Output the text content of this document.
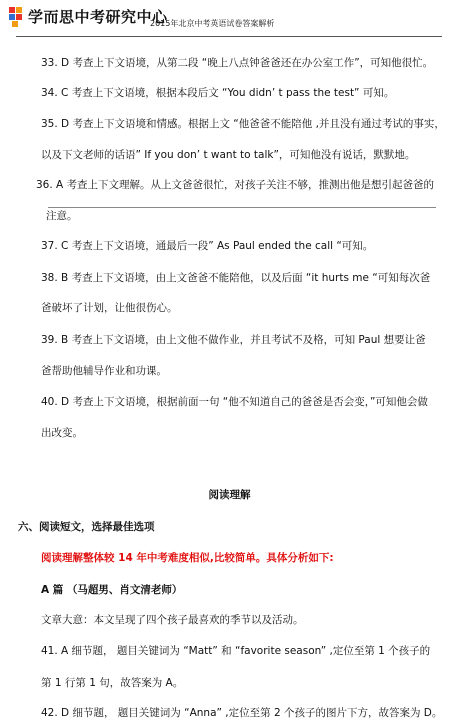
学而思中考研究中心
2015年北京中考英语试卷答案解析
33. D 考查上下文语境，从第二段 “晚上八点钟爸爸还在办公室工作”，可知他很忙。
34. C 考查上下文语境，根据本段后文 “You didn’ t pass the test” 可知。
35. D 考查上下文语境和情感。根据上文 “他爸爸不能陪他 ,并且没有通过考试的事实，
以及下文老师的话语” If you don’ t want to talk”，可知他没有说话，默默地。
36. A 考查上下文理解。从上文爸爸很忙，对孩子关注不够，推测出他是想引起爸爸的
注意。
37. C 考查上下文语境，通最后一段” As Paul ended the call “可知。
38. B 考查上下文语境，由上文爸爸不能陪他，以及后面 “it hurts me “可知每次爸
爸破坏了计划，让他很伤心。
39. B 考查上下文语境，由上文他不做作业，并且考试不及格，可知 Paul 想要让爸
爸帮助他辅导作业和功课。
40. D 考查上下文语境，根据前面一句 “他不知道自己的爸爸是否会变，”可知他会做
出改变。
阅读理解
六、阅读短文，选择最佳选项
阅读理解整体较 14 年中考难度相似,比较简单。具体分析如下:
A 篇 （马超男、肖文清老师）
文章大意：本文呈现了四个孩子最喜欢的季节以及活动。
41. A 细节题， 题目关键词为 “Matt” 和 “favorite season” ,定位至第 1 个孩子的
第 1 行第 1 句，故答案为 A。
42. D 细节题， 题目关键词为 “Anna” ,定位至第 2 个孩子的图片下方，故答案为 D。
